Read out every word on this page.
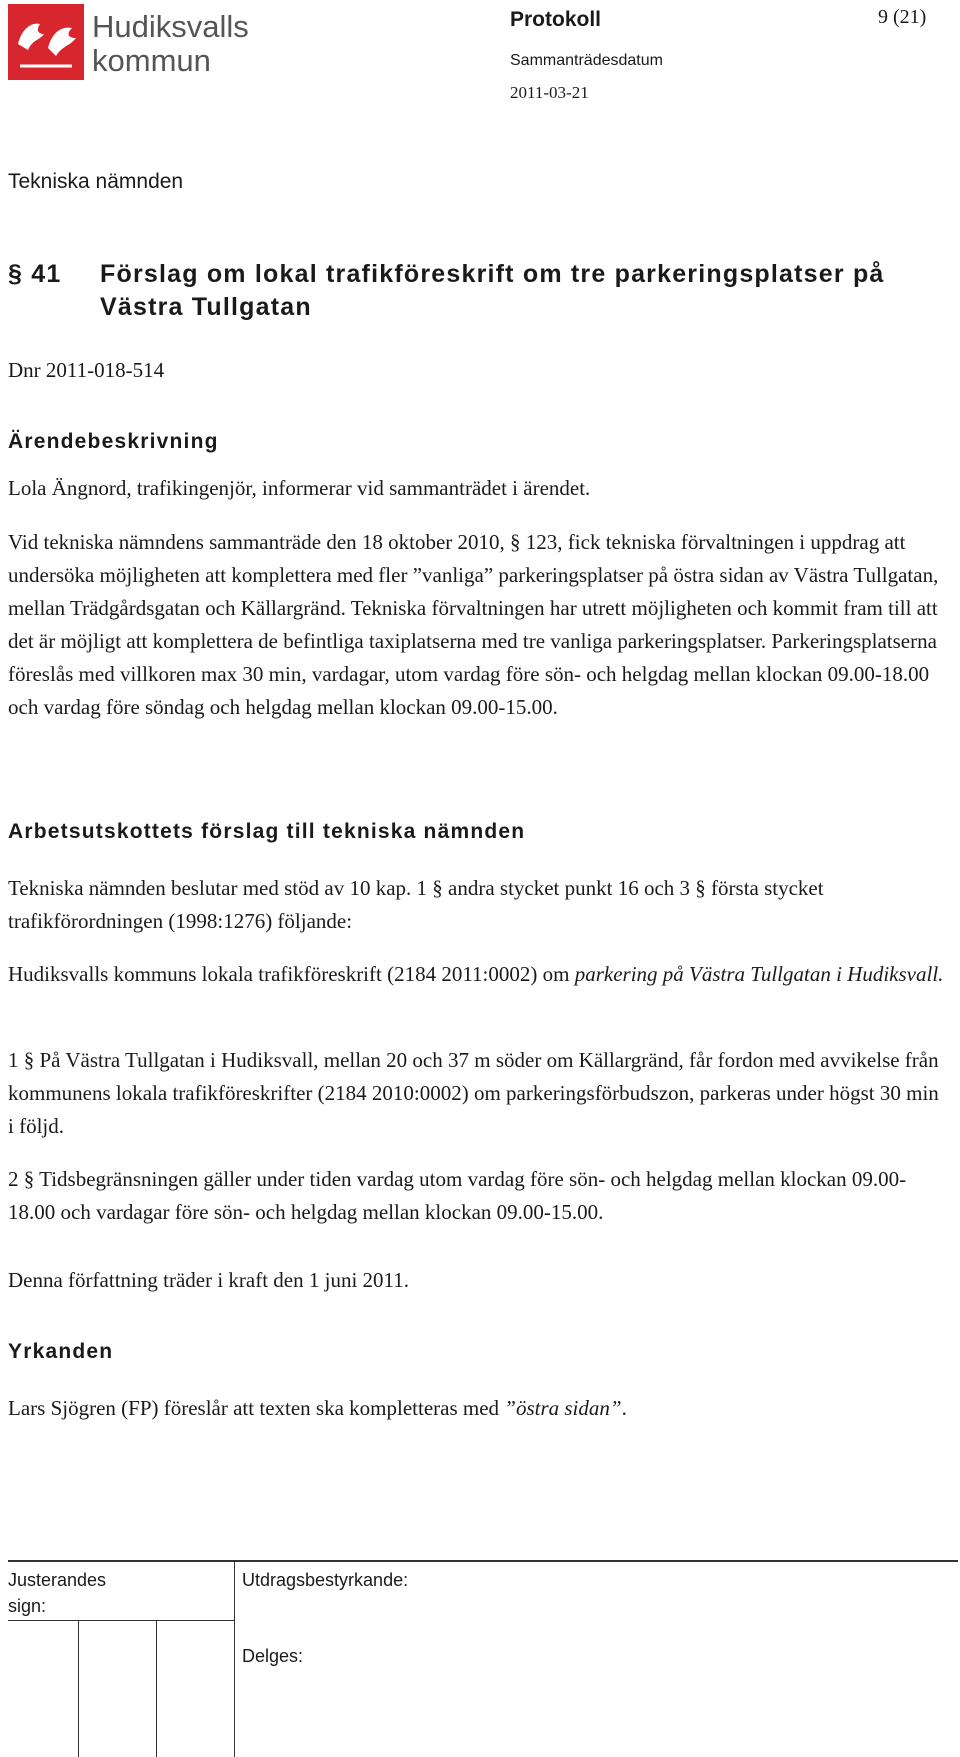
Hudiksvalls
kommun
Protokoll	9 (21)
Sammanträdesdatum
2011-03-21
Tekniska nämnden
§ 41	Förslag om lokal trafikföreskrift om tre parkeringsplatser på Västra Tullgatan
Dnr 2011-018-514
Ärendebeskrivning
Lola Ängnord, trafikingenjör, informerar vid sammanträdet i ärendet.
Vid tekniska nämndens sammanträde den 18 oktober 2010, § 123, fick tekniska förvaltningen i uppdrag att undersöka möjligheten att komplettera med fler ”vanliga” parkeringsplatser på östra sidan av Västra Tullgatan, mellan Trädgårdsgatan och Källargränd. Tekniska förvaltningen har utrett möjligheten och kommit fram till att det är möjligt att komplettera de befintliga taxiplatserna med tre vanliga parkeringsplatser. Parkeringsplatserna föreslås med villkoren max 30 min, vardagar, utom vardag före sön- och helgdag mellan klockan 09.00-18.00 och vardag före söndag och helgdag mellan klockan 09.00-15.00.
Arbetsutskottets förslag till tekniska nämnden
Tekniska nämnden beslutar med stöd av 10 kap. 1 § andra stycket punkt 16 och 3 § första stycket trafikförordningen (1998:1276) följande:
Hudiksvalls kommuns lokala trafikföreskrift (2184 2011:0002) om parkering på Västra Tullgatan i Hudiksvall.
1 § På Västra Tullgatan i Hudiksvall, mellan 20 och 37 m söder om Källargränd, får fordon med avvikelse från kommunens lokala trafikföreskrifter (2184 2010:0002) om parkeringsförbudszon, parkeras under högst 30 min i följd.
2 § Tidsbegränsningen gäller under tiden vardag utom vardag före sön- och helgdag mellan klockan 09.00-18.00 och vardagar före sön- och helgdag mellan klockan 09.00-15.00.
Denna författning träder i kraft den 1 juni 2011.
Yrkanden
Lars Sjögren (FP) föreslår att texten ska kompletteras med ”östra sidan”.
Justerandes
sign:
Utdragsbestyrkande:
Delges:
